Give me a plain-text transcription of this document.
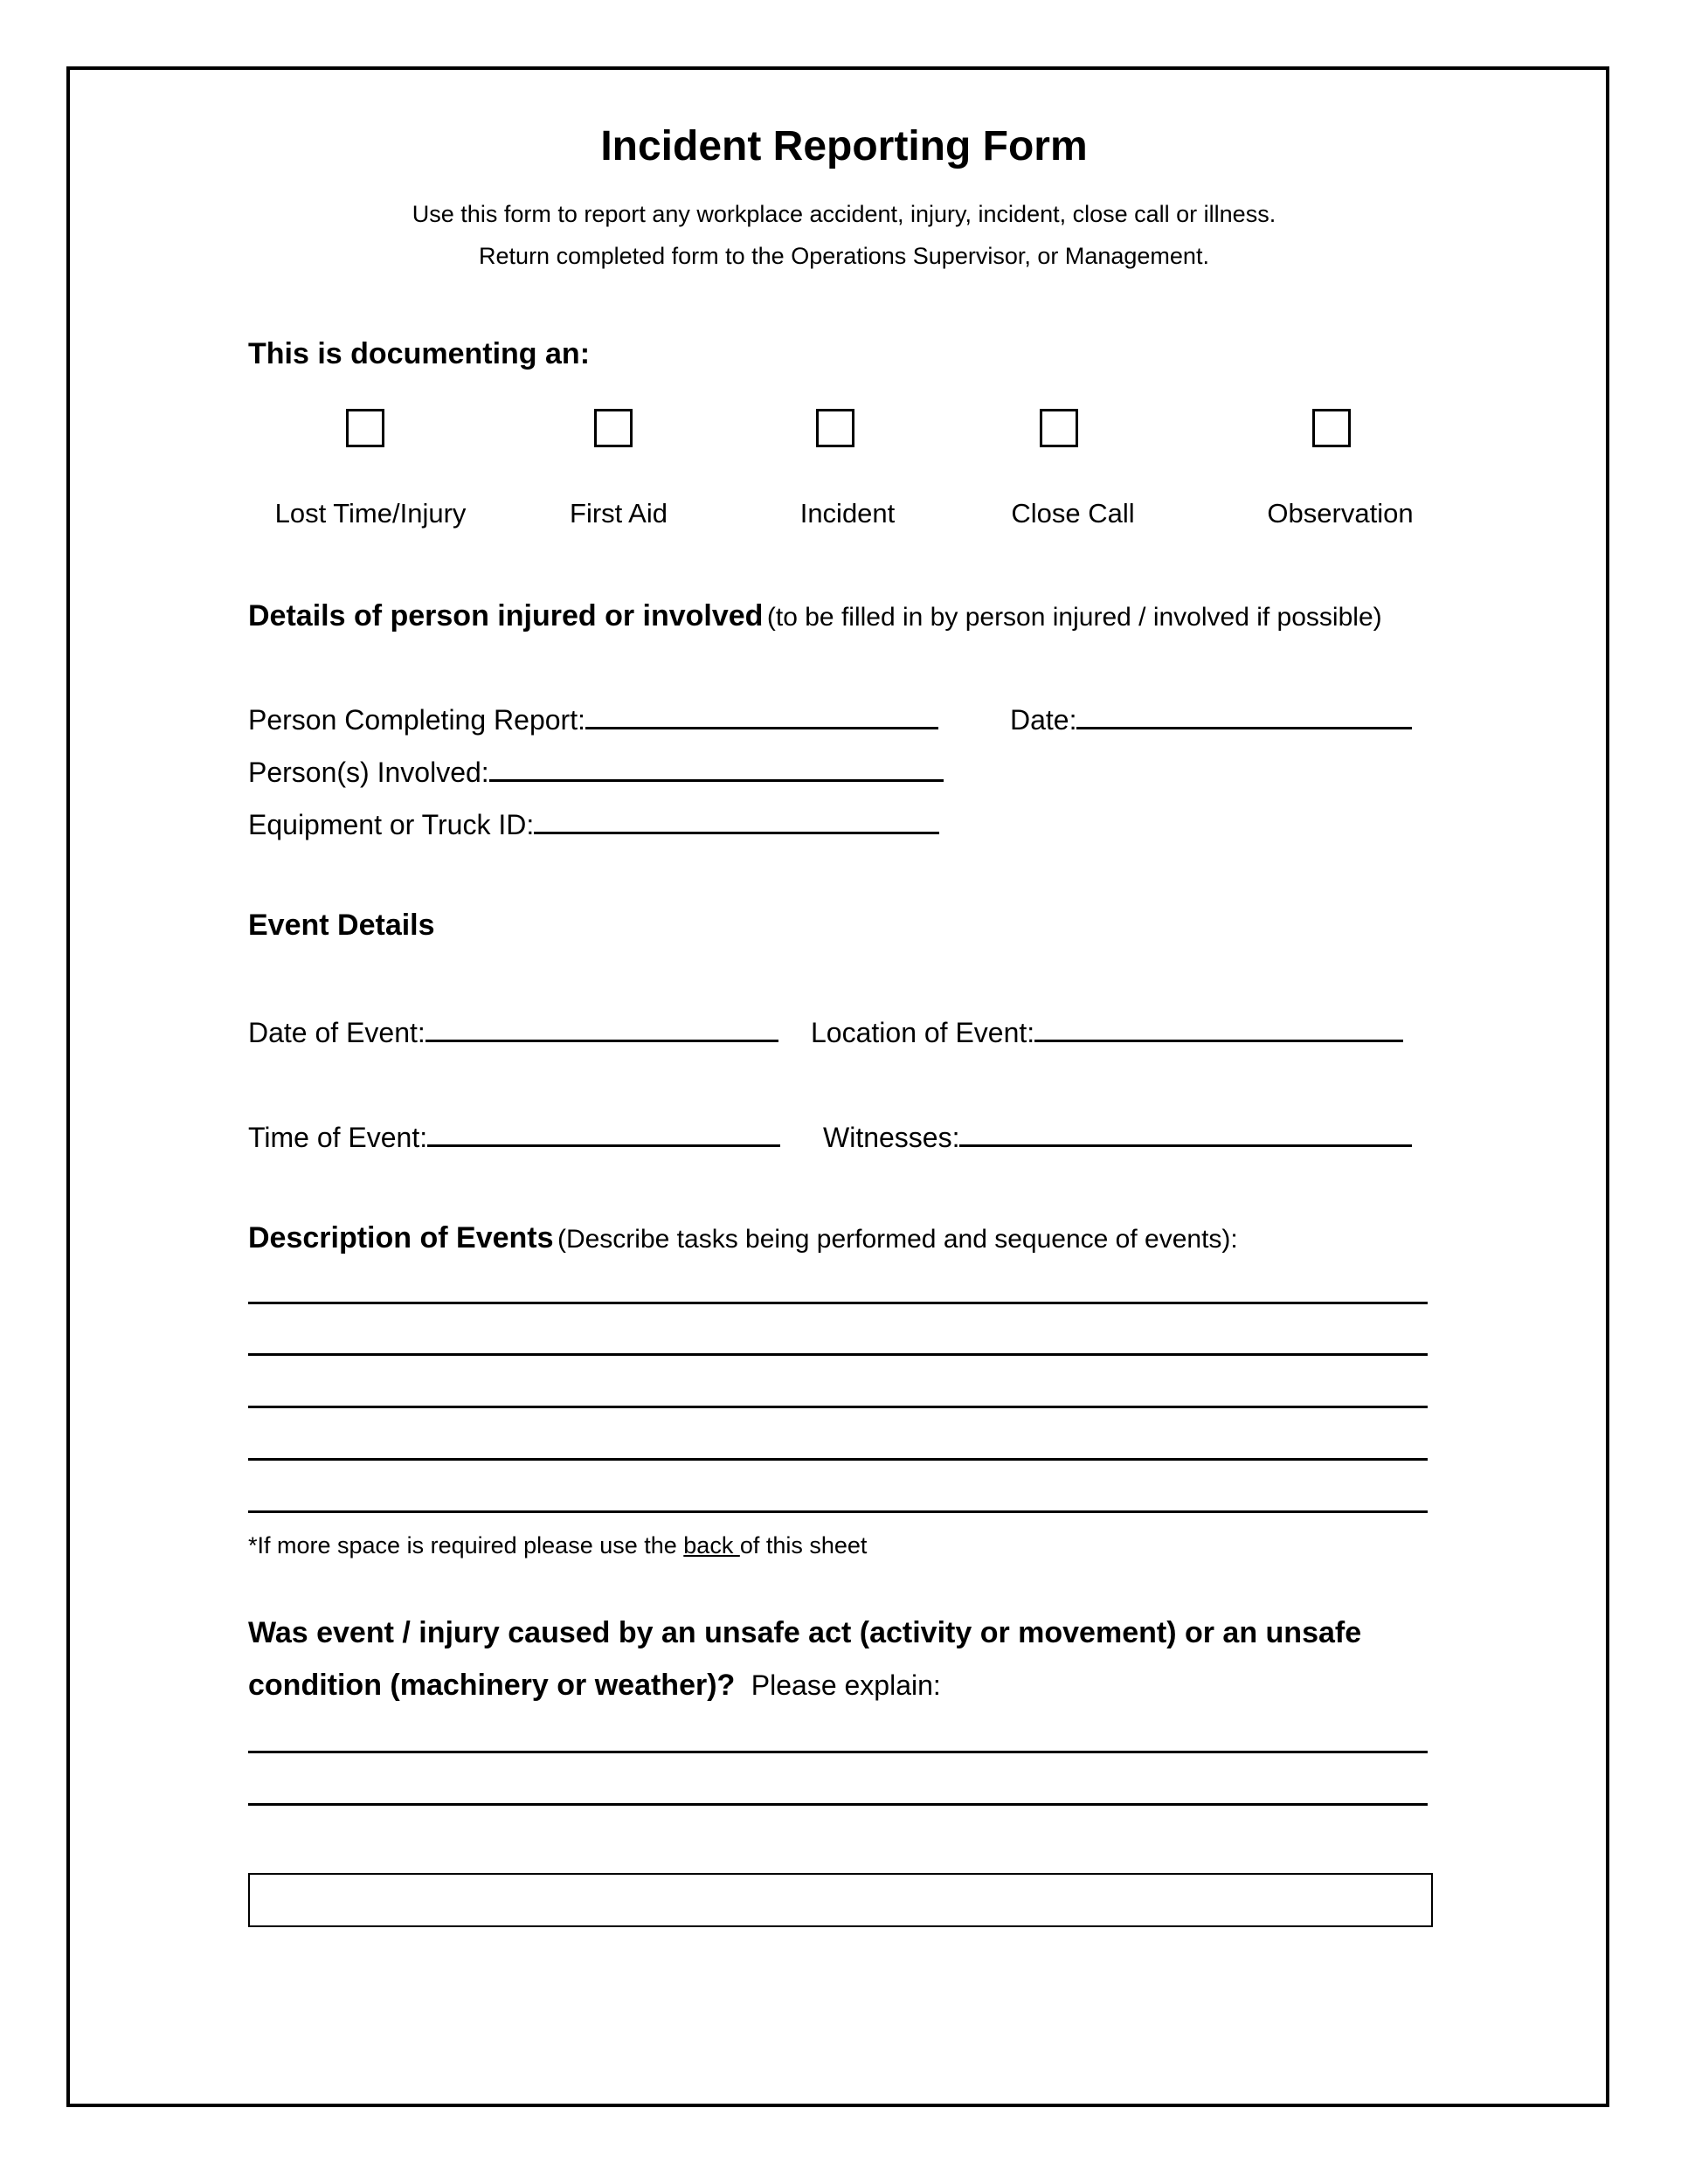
Incident Reporting Form
Use this form to report any workplace accident, injury, incident, close call or illness.
Return completed form to the Operations Supervisor, or Management.
This is documenting an:
Lost Time/Injury	First Aid	Incident	Close Call	Observation
Details of person injured or involved (to be filled in by person injured / involved if possible)
Person Completing Report:	Date:
Person(s) Involved:
Equipment or Truck ID:
Event Details
Date of Event:	Location of Event:
Time of Event:	Witnesses:
Description of Events (Describe tasks being performed and sequence of events):
*If more space is required please use the back of this sheet
Was event / injury caused by an unsafe act (activity or movement) or an unsafe
condition (machinery or weather)? Please explain:
